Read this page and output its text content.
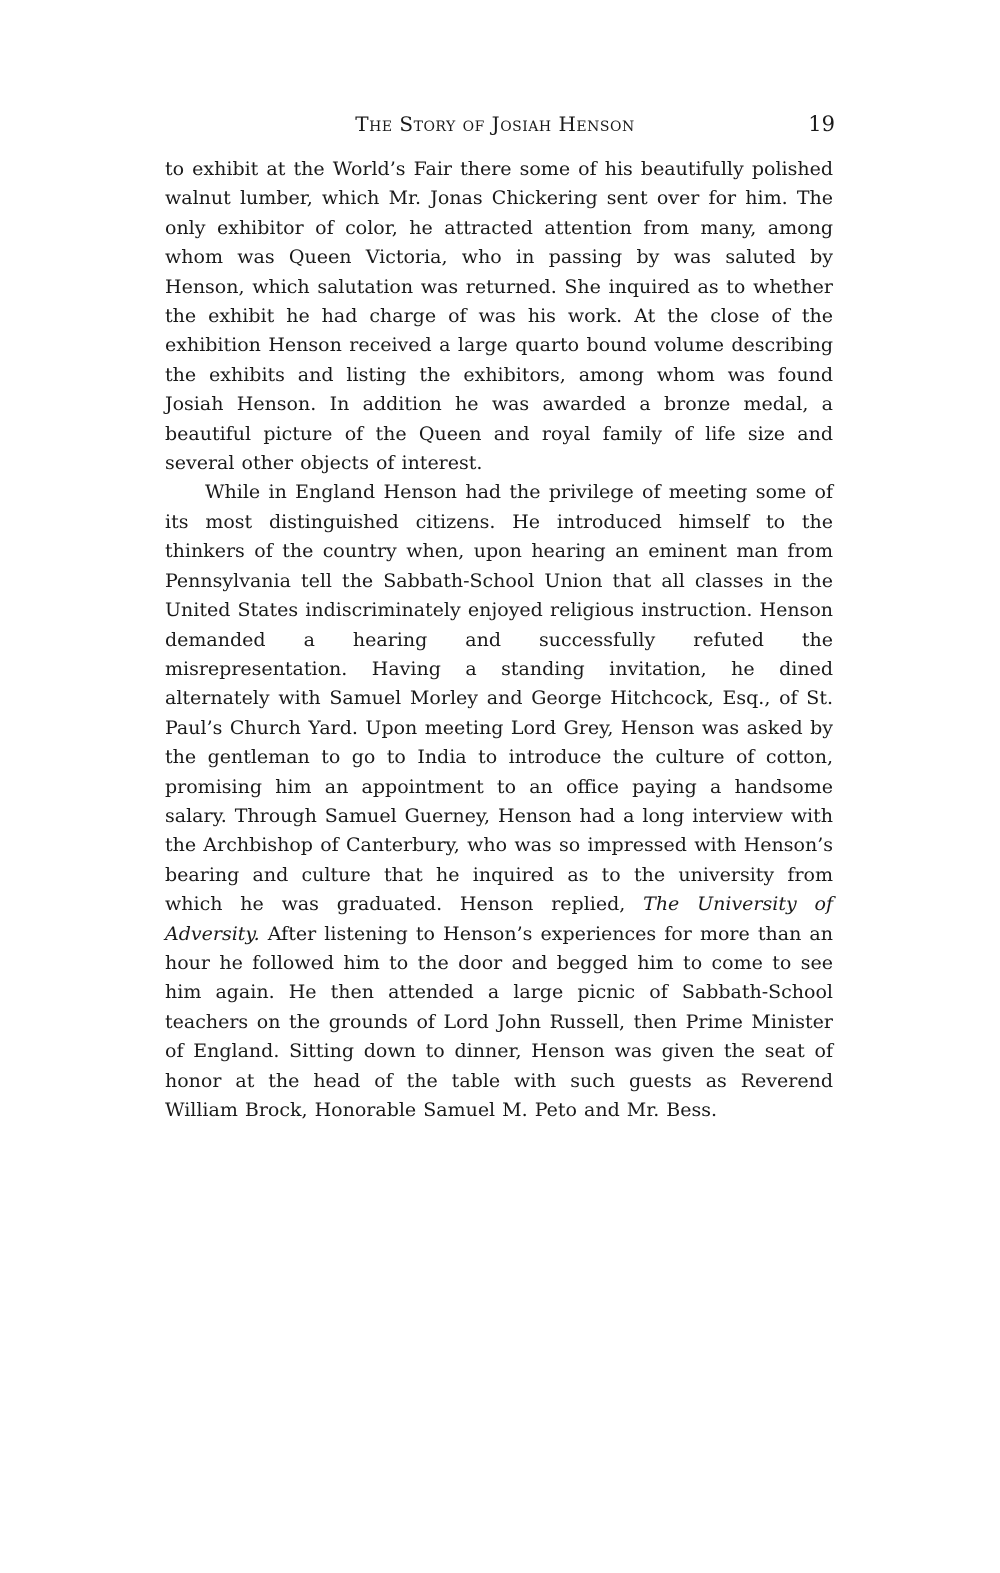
The Story of Josiah Henson	19

to exhibit at the World’s Fair there some of his beautifully polished walnut lumber, which Mr. Jonas Chickering sent over for him. The only exhibitor of color, he attracted attention from many, among whom was Queen Victoria, who in passing by was saluted by Henson, which salutation was returned. She inquired as to whether the exhibit he had charge of was his work. At the close of the exhibition Henson received a large quarto bound volume describing the exhibits and listing the exhibitors, among whom was found Josiah Henson. In addition he was awarded a bronze medal, a beautiful picture of the Queen and royal family of life size and several other objects of interest.

While in England Henson had the privilege of meeting some of its most distinguished citizens. He introduced himself to the thinkers of the country when, upon hearing an eminent man from Pennsylvania tell the Sabbath-School Union that all classes in the United States indiscriminately enjoyed religious instruction. Henson demanded a hearing and successfully refuted the misrepresentation. Having a standing invitation, he dined alternately with Samuel Morley and George Hitchcock, Esq., of St. Paul’s Church Yard. Upon meeting Lord Grey, Henson was asked by the gentleman to go to India to introduce the culture of cotton, promising him an appointment to an office paying a handsome salary. Through Samuel Guerney, Henson had a long interview with the Archbishop of Canterbury, who was so impressed with Henson’s bearing and culture that he inquired as to the university from which he was graduated. Henson replied, The University of Adversity. After listening to Henson’s experiences for more than an hour he followed him to the door and begged him to come to see him again. He then attended a large picnic of Sabbath-School teachers on the grounds of Lord John Russell, then Prime Minister of England. Sitting down to dinner, Henson was given the seat of honor at the head of the table with such guests as Reverend William Brock, Honorable Samuel M. Peto and Mr. Bess.
